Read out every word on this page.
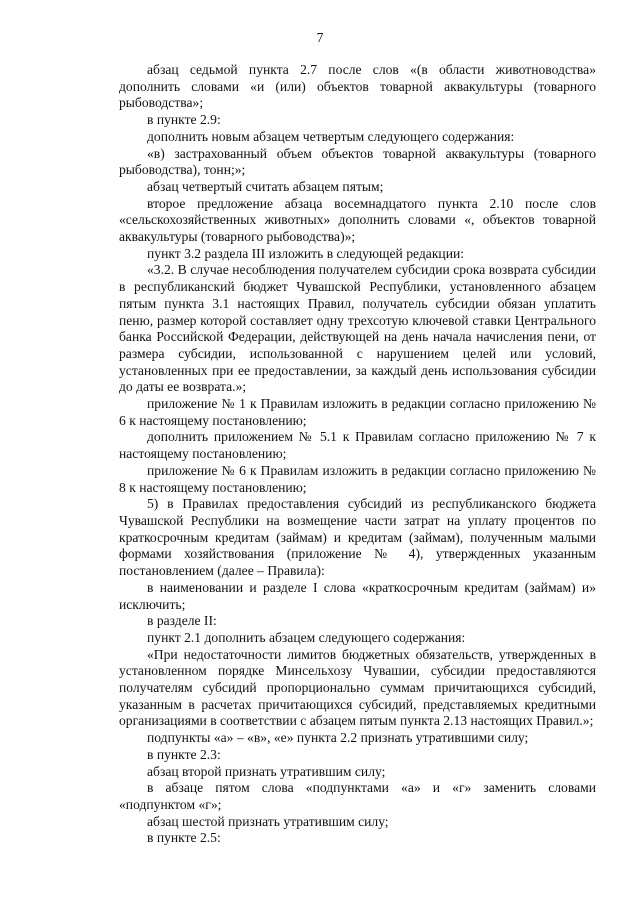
7

абзац седьмой пункта 2.7 после слов «(в области животноводства» дополнить словами «и (или) объектов товарной аквакультуры (товарного рыбоводства»;

в пункте 2.9:

дополнить новым абзацем четвертым следующего содержания:

«в) застрахованный объем объектов товарной аквакультуры (товарного рыбоводства), тонн;»;

абзац четвертый считать абзацем пятым;

второе предложение абзаца восемнадцатого пункта 2.10 после слов «сельскохозяйственных животных» дополнить словами «, объектов товарной аквакультуры (товарного рыбоводства)»;

пункт 3.2 раздела III изложить в следующей редакции:

«3.2. В случае несоблюдения получателем субсидии срока возврата субсидии в республиканский бюджет Чувашской Республики, установленного абзацем пятым пункта 3.1 настоящих Правил, получатель субсидии обязан уплатить пеню, размер которой составляет одну трехсотую ключевой ставки Центрального банка Российской Федерации, действующей на день начала начисления пени, от размера субсидии, использованной с нарушением целей или условий, установленных при ее предоставлении, за каждый день использования субсидии до даты ее возврата.»;

приложение № 1 к Правилам изложить в редакции согласно приложению № 6 к настоящему постановлению;

дополнить приложением № 5.1 к Правилам согласно приложению № 7 к настоящему постановлению;

приложение № 6 к Правилам изложить в редакции согласно приложению № 8 к настоящему постановлению;

5) в Правилах предоставления субсидий из республиканского бюджета Чувашской Республики на возмещение части затрат на уплату процентов по краткосрочным кредитам (займам) и кредитам (займам), полученным малыми формами хозяйствования (приложение № 4), утвержденных указанным постановлением (далее – Правила):

в наименовании и разделе I слова «краткосрочным кредитам (займам) и» исключить;

в разделе II:

пункт 2.1 дополнить абзацем следующего содержания:

«При недостаточности лимитов бюджетных обязательств, утвержденных в установленном порядке Минсельхозу Чувашии, субсидии предоставляются получателям субсидий пропорционально суммам причитающихся субсидий, указанным в расчетах причитающихся субсидий, представляемых кредитными организациями в соответствии с абзацем пятым пункта 2.13 настоящих Правил.»;

подпункты «а» – «в», «е» пункта 2.2 признать утратившими силу;

в пункте 2.3:

абзац второй признать утратившим силу;

в абзаце пятом слова «подпунктами «а» и «г» заменить словами «подпунктом «г»;

абзац шестой признать утратившим силу;

в пункте 2.5:
